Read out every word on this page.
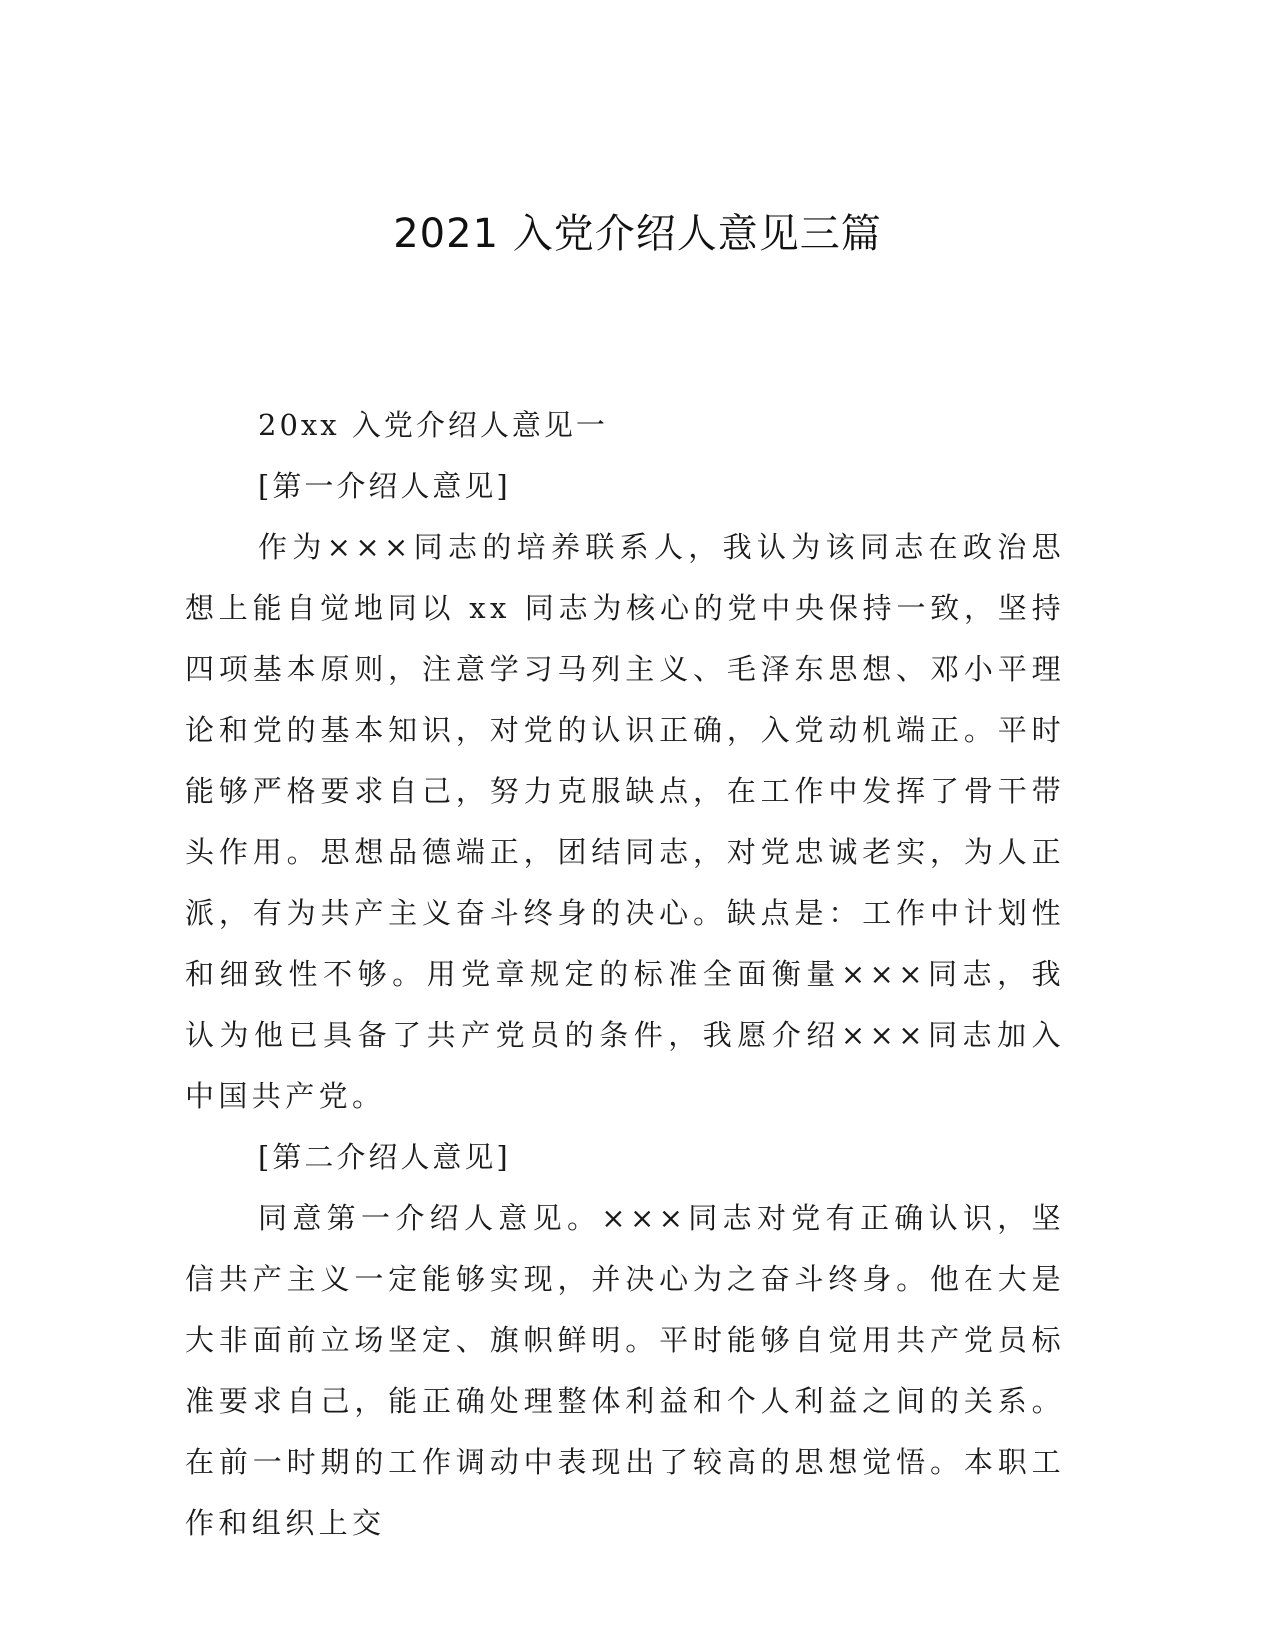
2021 入党介绍人意见三篇

20xx 入党介绍人意见一

[第一介绍人意见]

作为×××同志的培养联系人，我认为该同志在政治思想上能自觉地同以 xx 同志为核心的党中央保持一致，坚持四项基本原则，注意学习马列主义、毛泽东思想、邓小平理论和党的基本知识，对党的认识正确，入党动机端正。平时能够严格要求自己，努力克服缺点，在工作中发挥了骨干带头作用。思想品德端正，团结同志，对党忠诚老实，为人正派，有为共产主义奋斗终身的决心。缺点是：工作中计划性和细致性不够。用党章规定的标准全面衡量×××同志，我认为他已具备了共产党员的条件，我愿介绍×××同志加入中国共产党。

[第二介绍人意见]

同意第一介绍人意见。×××同志对党有正确认识，坚信共产主义一定能够实现，并决心为之奋斗终身。他在大是大非面前立场坚定、旗帜鲜明。平时能够自觉用共产党员标准要求自己，能正确处理整体利益和个人利益之间的关系。在前一时期的工作调动中表现出了较高的思想觉悟。本职工作和组织上交
